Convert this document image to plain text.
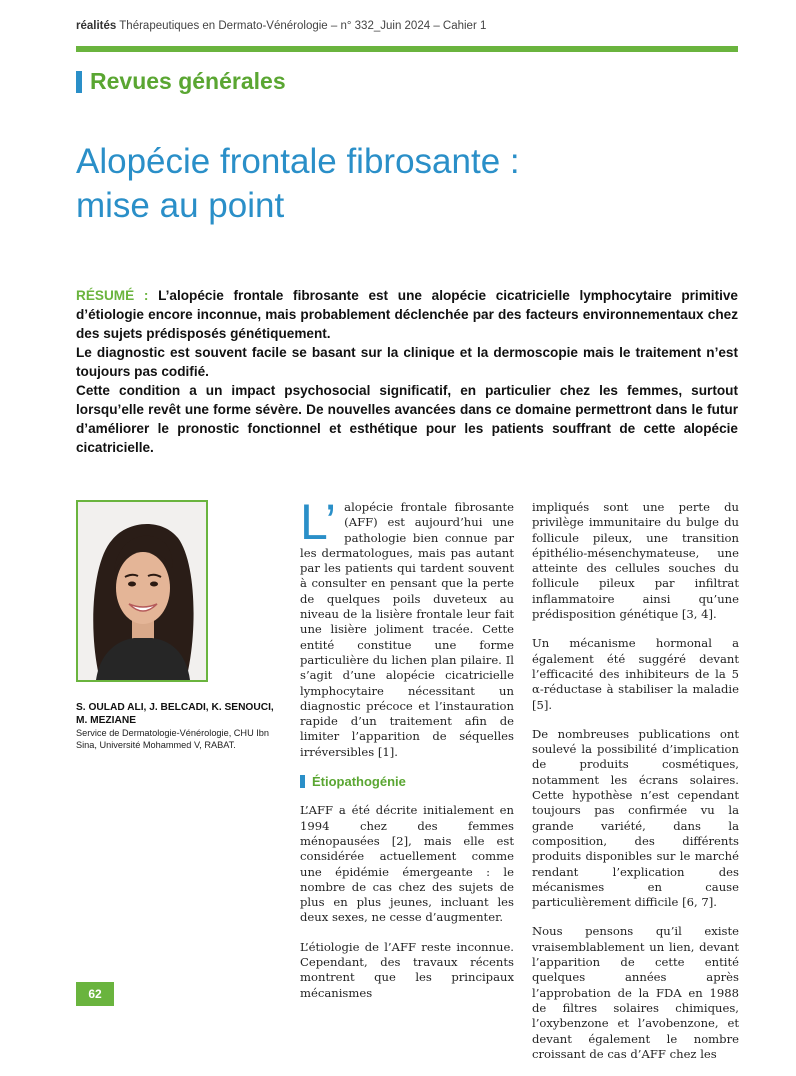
réalités Thérapeutiques en Dermato-Vénérologie – n° 332_Juin 2024 – Cahier 1
Revues générales
Alopécie frontale fibrosante :
mise au point

RÉSUMÉ : L’alopécie frontale fibrosante est une alopécie cicatricielle lymphocytaire primitive d’étiologie encore inconnue, mais probablement déclenchée par des facteurs environnementaux chez des sujets prédisposés génétiquement.

Le diagnostic est souvent facile se basant sur la clinique et la dermoscopie mais le traitement n’est toujours pas codifié.

Cette condition a un impact psychosocial significatif, en particulier chez les femmes, surtout lorsqu’elle revêt une forme sévère. De nouvelles avancées dans ce domaine permettront dans le futur d’améliorer le pronostic fonctionnel et esthétique pour les patients souffrant de cette alopécie cicatricielle.

S. OULAD ALI, J. BELCADI, K. SENOUCI, M. MEZIANE
Service de Dermatologie-Vénérologie, CHU Ibn Sina, Université Mohammed V, RABAT.

L’ alopécie frontale fibrosante (AFF) est aujourd’hui une pathologie bien connue par les dermatologues, mais pas autant par les patients qui tardent souvent à consulter en pensant que la perte de quelques poils duveteux au niveau de la lisière frontale leur fait une lisière joliment tracée. Cette entité constitue une forme particulière du lichen plan pilaire. Il s’agit d’une alopécie cicatricielle lymphocytaire nécessitant un diagnostic précoce et l’instauration rapide d’un traitement afin de limiter l’apparition de séquelles irréversibles [1].

Étiopathogénie

L’AFF a été décrite initialement en 1994 chez des femmes ménopausées [2], mais elle est considérée actuellement comme une épidémie émergeante : le nombre de cas chez des sujets de plus en plus jeunes, incluant les deux sexes, ne cesse d’augmenter.

L’étiologie de l’AFF reste inconnue. Cependant, des travaux récents montrent que les principaux mécanismes

impliqués sont une perte du privilège immunitaire du bulge du follicule pileux, une transition épithélio-mésenchymateuse, une atteinte des cellules souches du follicule pileux par infiltrat inflammatoire ainsi qu’une prédisposition génétique [3, 4].

Un mécanisme hormonal a également été suggéré devant l’efficacité des inhibiteurs de la 5 α-réductase à stabiliser la maladie [5].

De nombreuses publications ont soulevé la possibilité d’implication de produits cosmétiques, notamment les écrans solaires. Cette hypothèse n’est cependant toujours pas confirmée vu la grande variété, dans la composition, des différents produits disponibles sur le marché rendant l’explication des mécanismes en cause particulièrement difficile [6, 7].

Nous pensons qu’il existe vraisemblablement un lien, devant l’apparition de cette entité quelques années après l’approbation de la FDA en 1988 de filtres solaires chimiques, l’oxybenzone et l’avobenzone, et devant également le nombre croissant de cas d’AFF chez les

62
